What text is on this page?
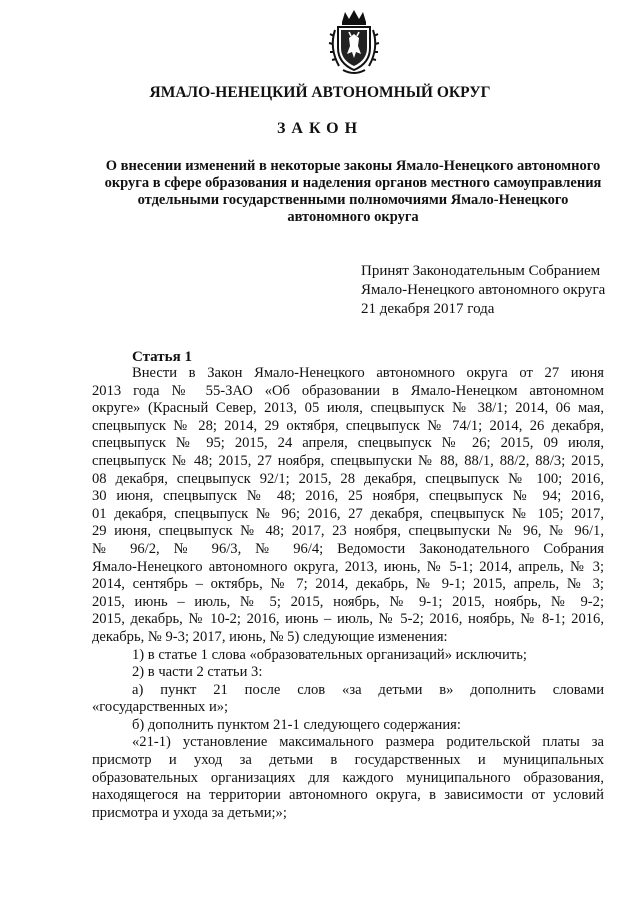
ЯМАЛО-НЕНЕЦКИЙ АВТОНОМНЫЙ ОКРУГ
ЗАКОН
О внесении изменений в некоторые законы Ямало-Ненецкого автономного
округа в сфере образования и наделения органов местного самоуправления
отдельными государственными полномочиями Ямало-Ненецкого
автономного округа
Принят Законодательным Собранием
Ямало-Ненецкого автономного округа
21 декабря 2017 года
Статья 1
Внести в Закон Ямало-Ненецкого автономного округа от 27 июня
2013 года № 55-ЗАО «Об образовании в Ямало-Ненецком автономном
округе» (Красный Север, 2013, 05 июля, спецвыпуск № 38/1; 2014, 06 мая,
спецвыпуск № 28; 2014, 29 октября, спецвыпуск № 74/1; 2014, 26 декабря,
спецвыпуск № 95; 2015, 24 апреля, спецвыпуск № 26; 2015, 09 июля,
спецвыпуск № 48; 2015, 27 ноября, спецвыпуски № 88, 88/1, 88/2, 88/3; 2015,
08 декабря, спецвыпуск 92/1; 2015, 28 декабря, спецвыпуск № 100; 2016,
30 июня, спецвыпуск № 48; 2016, 25 ноября, спецвыпуск № 94; 2016,
01 декабря, спецвыпуск № 96; 2016, 27 декабря, спецвыпуск № 105; 2017,
29 июня, спецвыпуск № 48; 2017, 23 ноября, спецвыпуски № 96, № 96/1,
№ 96/2, № 96/3, № 96/4; Ведомости Законодательного Собрания
Ямало-Ненецкого автономного округа, 2013, июнь, № 5-1; 2014, апрель, № 3;
2014, сентябрь – октябрь, № 7; 2014, декабрь, № 9-1; 2015, апрель, № 3;
2015, июнь – июль, № 5; 2015, ноябрь, № 9-1; 2015, ноябрь, № 9-2;
2015, декабрь, № 10-2; 2016, июнь – июль, № 5-2; 2016, ноябрь, № 8-1; 2016,
декабрь, № 9-3; 2017, июнь, № 5) следующие изменения:
1) в статье 1 слова «образовательных организаций» исключить;
2) в части 2 статьи 3:
а) пункт 21 после слов «за детьми в» дополнить словами
«государственных и»;
б) дополнить пунктом 21-1 следующего содержания:
«21-1) установление максимального размера родительской платы за
присмотр и уход за детьми в государственных и муниципальных
образовательных организациях для каждого муниципального образования,
находящегося на территории автономного округа, в зависимости от условий
присмотра и ухода за детьми;»;
